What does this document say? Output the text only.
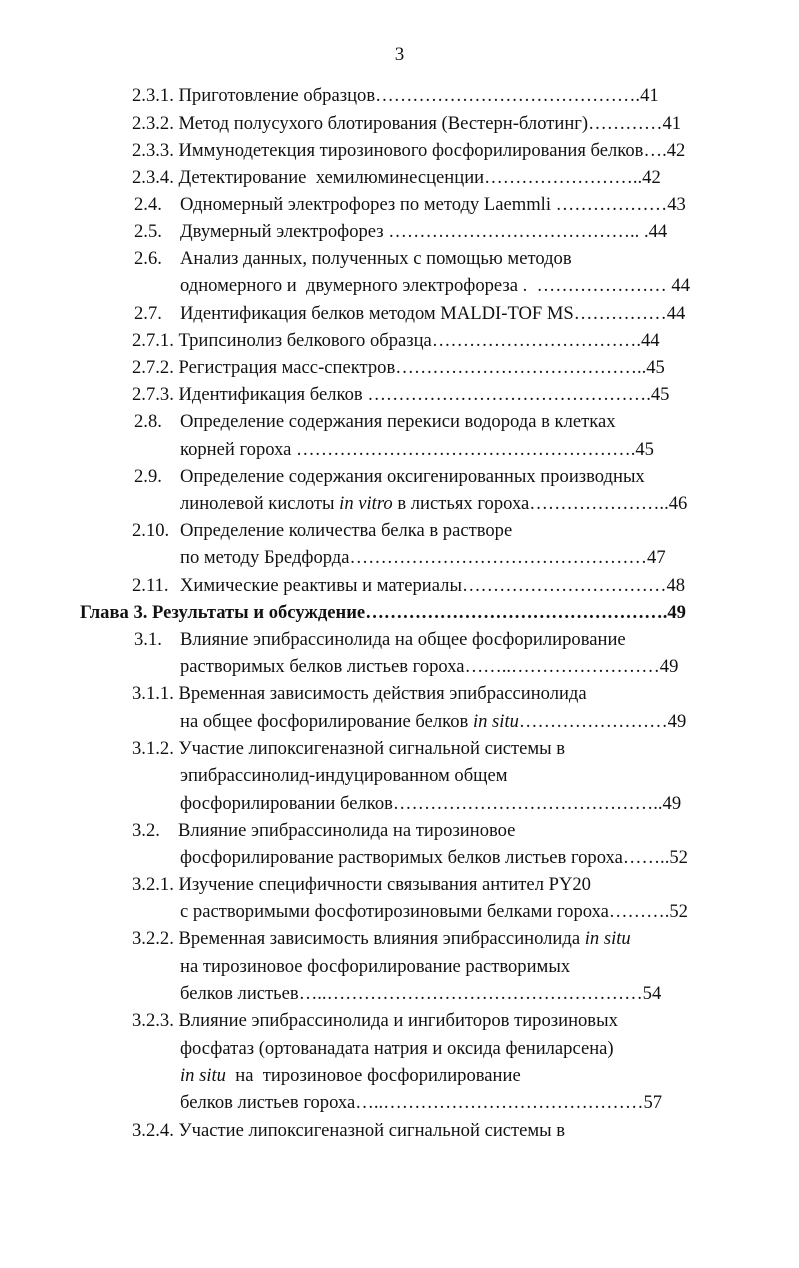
3
2.3.1. Приготовление образцов…………………………………….41
2.3.2. Метод полусухого блотирования (Вестерн-блотинг)…………41
2.3.3. Иммунодетекция тирозинового фосфорилирования белков….42
2.3.4. Детектирование  хемилюминесценции……………………..42
2.4. Одномерный электрофорез по методу Laemmli ………………43
2.5. Двумерный электрофорез ………………………………….. .44
2.6. Анализ данных, полученных с помощью методов
одномерного и  двумерного электрофореза .  ………………… 44
2.7. Идентификация белков методом MALDI-TOF MS……………44
2.7.1. Трипсинолиз белкового образца…………………………….44
2.7.2. Регистрация масс-спектров…………………………………..45
2.7.3. Идентификация белков ……………………………………….45
2.8. Определение содержания перекиси водорода в клетках
корней гороха ……………………………………………….45
2.9. Определение содержания оксигенированных производных
линолевой кислоты in vitro в листьях гороха…………………..46
2.10. Определение количества белка в растворе
по методу Бредфорда…………………………………………47
2.11. Химические реактивы и материалы……………………………48
Глава 3. Результаты и обсуждение………………………………………….49
3.1. Влияние эпибрассинолида на общее фосфорилирование
растворимых белков листьев гороха……..……………………49
3.1.1. Временная зависимость действия эпибрассинолида
на общее фосфорилирование белков in situ……………………49
3.1.2. Участие липоксигеназной сигнальной системы в
эпибрассинолид-индуцированном общем
фосфорилировании белков……………………………………..49
3.2. Влияние эпибрассинолида на тирозиновое
фосфорилирование растворимых белков листьев гороха……..52
3.2.1. Изучение специфичности связывания антител PY20
с растворимыми фосфотирозиновыми белками гороха……….52
3.2.2. Временная зависимость влияния эпибрассинолида in situ
на тирозиновое фосфорилирование растворимых
белков листьев…..……………………………………………54
3.2.3. Влияние эпибрассинолида и ингибиторов тирозиновых
фосфатаз (ортованадата натрия и оксида фениларсена)
in situ  на  тирозиновое фосфорилирование
белков листьев гороха…..……………………………………57
3.2.4. Участие липоксигеназной сигнальной системы в
